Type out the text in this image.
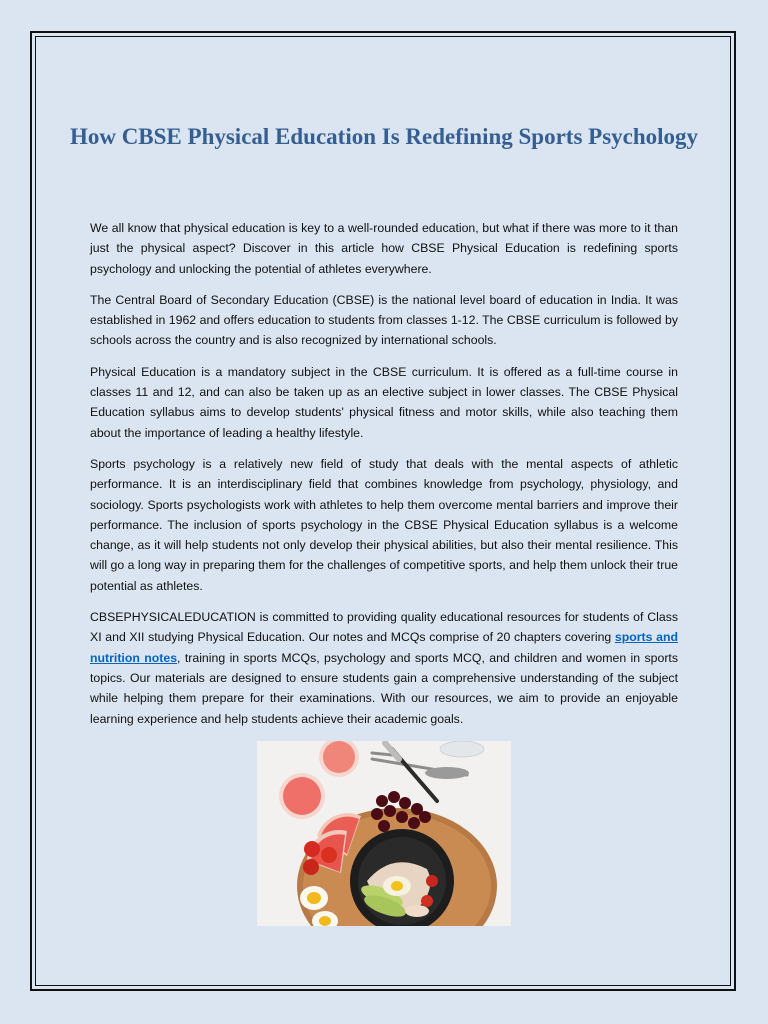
How CBSE Physical Education Is Redefining Sports Psychology

We all know that physical education is key to a well-rounded education, but what if there was more to it than just the physical aspect? Discover in this article how CBSE Physical Education is redefining sports psychology and unlocking the potential of athletes everywhere.

The Central Board of Secondary Education (CBSE) is the national level board of education in India. It was established in 1962 and offers education to students from classes 1-12. The CBSE curriculum is followed by schools across the country and is also recognized by international schools.

Physical Education is a mandatory subject in the CBSE curriculum. It is offered as a full-time course in classes 11 and 12, and can also be taken up as an elective subject in lower classes. The CBSE Physical Education syllabus aims to develop students' physical fitness and motor skills, while also teaching them about the importance of leading a healthy lifestyle.

Sports psychology is a relatively new field of study that deals with the mental aspects of athletic performance. It is an interdisciplinary field that combines knowledge from psychology, physiology, and sociology. Sports psychologists work with athletes to help them overcome mental barriers and improve their performance. The inclusion of sports psychology in the CBSE Physical Education syllabus is a welcome change, as it will help students not only develop their physical abilities, but also their mental resilience. This will go a long way in preparing them for the challenges of competitive sports, and help them unlock their true potential as athletes.

CBSEPHYSICALEDUCATION is committed to providing quality educational resources for students of Class XI and XII studying Physical Education. Our notes and MCQs comprise of 20 chapters covering sports and nutrition notes, training in sports MCQs, psychology and sports MCQ, and children and women in sports topics. Our materials are designed to ensure students gain a comprehensive understanding of the subject while helping them prepare for their examinations. With our resources, we aim to provide an enjoyable learning experience and help students achieve their academic goals.
